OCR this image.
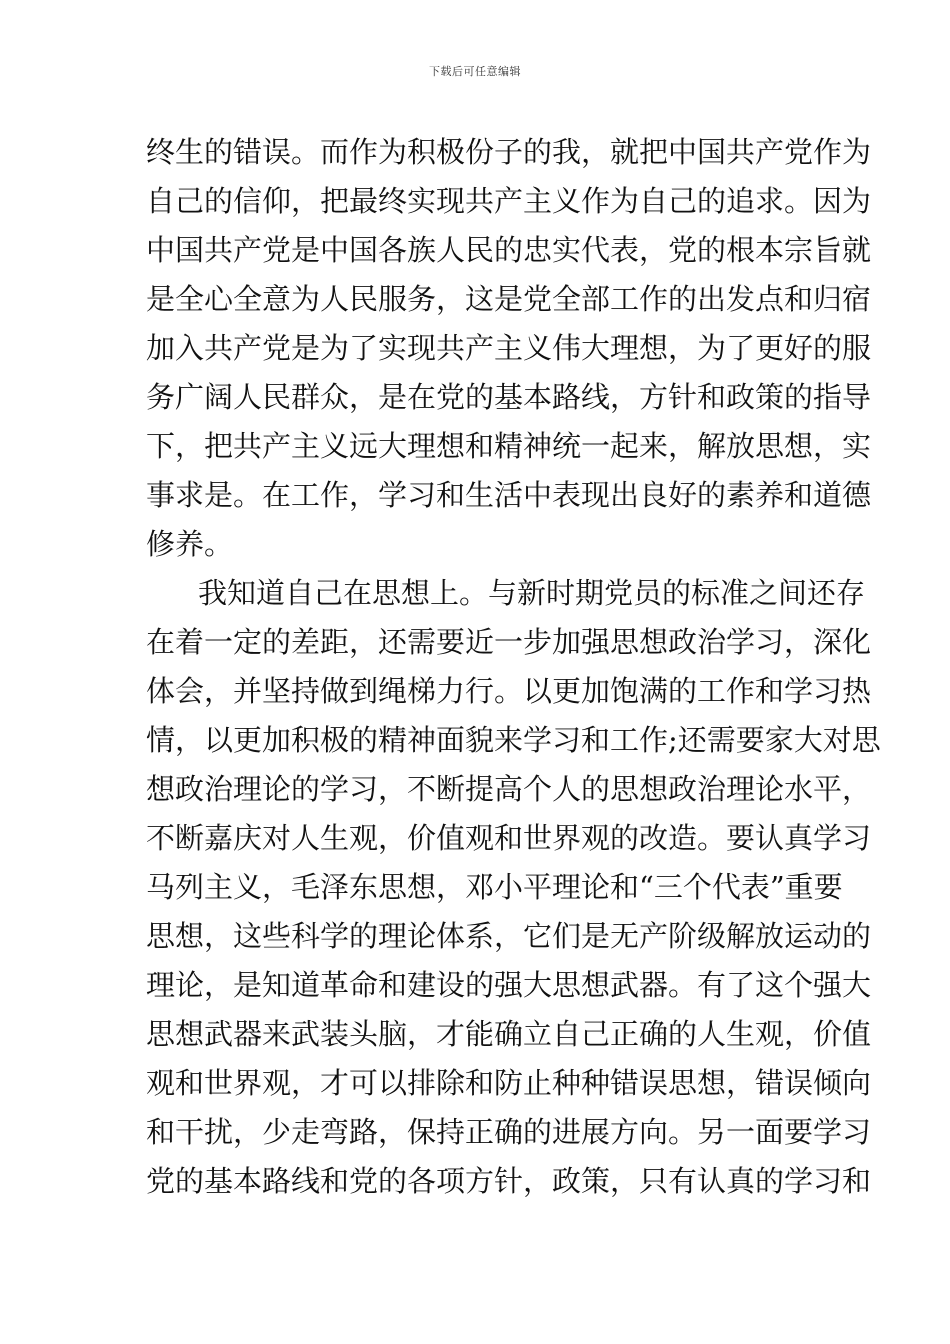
下载后可任意编辑
终生的错误。而作为积极份子的我，就把中国共产党作为
自己的信仰，把最终实现共产主义作为自己的追求。因为
中国共产党是中国各族人民的忠实代表，党的根本宗旨就
是全心全意为人民服务，这是党全部工作的出发点和归宿
加入共产党是为了实现共产主义伟大理想，为了更好的服
务广阔人民群众，是在党的基本路线，方针和政策的指导
下，把共产主义远大理想和精神统一起来，解放思想，实
事求是。在工作，学习和生活中表现出良好的素养和道德
修养。
我知道自己在思想上。与新时期党员的标准之间还存
在着一定的差距，还需要近一步加强思想政治学习，深化
体会，并坚持做到绳梯力行。以更加饱满的工作和学习热
情，以更加积极的精神面貌来学习和工作;还需要家大对思
想政治理论的学习，不断提高个人的思想政治理论水平，
不断嘉庆对人生观，价值观和世界观的改造。要认真学习
马列主义，毛泽东思想，邓小平理论和“三个代表”重要
思想，这些科学的理论体系，它们是无产阶级解放运动的
理论，是知道革命和建设的强大思想武器。有了这个强大
思想武器来武装头脑，才能确立自己正确的人生观，价值
观和世界观，才可以排除和防止种种错误思想，错误倾向
和干扰，少走弯路，保持正确的进展方向。另一面要学习
党的基本路线和党的各项方针，政策，只有认真的学习和
